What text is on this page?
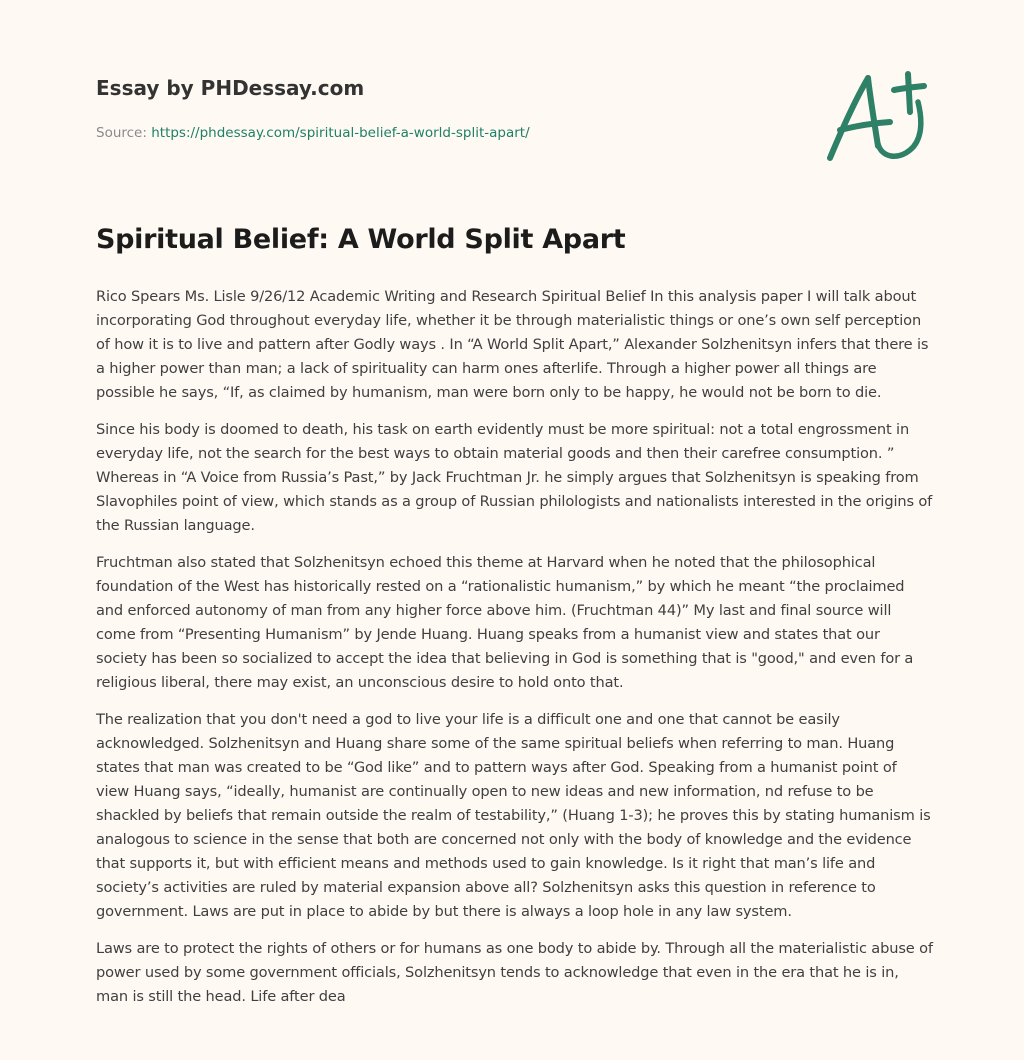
Essay by PHDessay.com
Source: https://phdessay.com/spiritual-belief-a-world-split-apart/
Spiritual Belief: A World Split Apart

Rico Spears Ms. Lisle 9/26/12 Academic Writing and Research Spiritual Belief In this analysis paper I will talk about incorporating God throughout everyday life, whether it be through materialistic things or one’s own self perception of how it is to live and pattern after Godly ways . In “A World Split Apart,” Alexander Solzhenitsyn infers that there is a higher power than man; a lack of spirituality can harm ones afterlife. Through a higher power all things are possible he says, “If, as claimed by humanism, man were born only to be happy, he would not be born to die.

Since his body is doomed to death, his task on earth evidently must be more spiritual: not a total engrossment in everyday life, not the search for the best ways to obtain material goods and then their carefree consumption. ” Whereas in “A Voice from Russia’s Past,” by Jack Fruchtman Jr. he simply argues that Solzhenitsyn is speaking from Slavophiles point of view, which stands as a group of Russian philologists and nationalists interested in the origins of the Russian language.

Fruchtman also stated that Solzhenitsyn echoed this theme at Harvard when he noted that the philosophical foundation of the West has historically rested on a “rationalistic humanism,” by which he meant “the proclaimed and enforced autonomy of man from any higher force above him. (Fruchtman 44)” My last and final source will come from “Presenting Humanism” by Jende Huang. Huang speaks from a humanist view and states that our society has been so socialized to accept the idea that believing in God is something that is "good," and even for a religious liberal, there may exist, an unconscious desire to hold onto that.

The realization that you don't need a god to live your life is a difficult one and one that cannot be easily acknowledged. Solzhenitsyn and Huang share some of the same spiritual beliefs when referring to man. Huang states that man was created to be “God like” and to pattern ways after God. Speaking from a humanist point of view Huang says, “ideally, humanist are continually open to new ideas and new information, nd refuse to be shackled by beliefs that remain outside the realm of testability,” (Huang 1-3); he proves this by stating humanism is analogous to science in the sense that both are concerned not only with the body of knowledge and the evidence that supports it, but with efficient means and methods used to gain knowledge. Is it right that man’s life and society’s activities are ruled by material expansion above all? Solzhenitsyn asks this question in reference to government. Laws are put in place to abide by but there is always a loop hole in any law system.

Laws are to protect the rights of others or for humans as one body to abide by. Through all the materialistic abuse of power used by some government officials, Solzhenitsyn tends to acknowledge that even in the era that he is in, man is still the head. Life after dea
